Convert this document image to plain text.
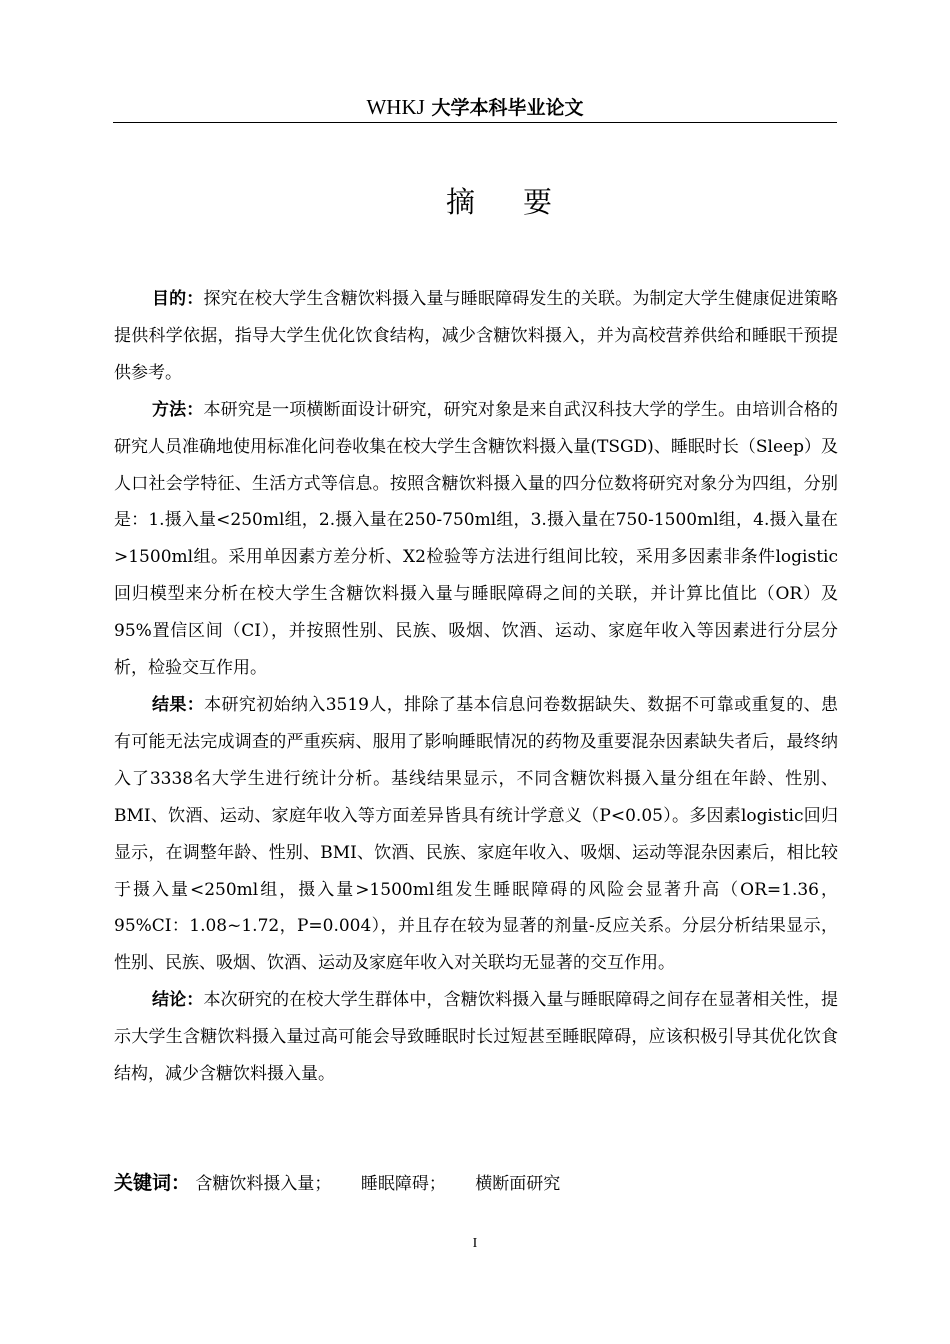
WHKJ 大学本科毕业论文
摘要

目的：探究在校大学生含糖饮料摄入量与睡眠障碍发生的关联。为制定大学生健康促进策略提供科学依据，指导大学生优化饮食结构，减少含糖饮料摄入，并为高校营养供给和睡眠干预提供参考。

方法：本研究是一项横断面设计研究，研究对象是来自武汉科技大学的学生。由培训合格的研究人员准确地使用标准化问卷收集在校大学生含糖饮料摄入量(TSGD)、睡眠时长（Sleep）及人口社会学特征、生活方式等信息。按照含糖饮料摄入量的四分位数将研究对象分为四组，分别是：1.摄入量<250ml组，2.摄入量在250-750ml组，3.摄入量在750-1500ml组，4.摄入量在>1500ml组。采用单因素方差分析、X2检验等方法进行组间比较，采用多因素非条件logistic回归模型来分析在校大学生含糖饮料摄入量与睡眠障碍之间的关联，并计算比值比（OR）及95%置信区间（CI），并按照性别、民族、吸烟、饮酒、运动、家庭年收入等因素进行分层分析，检验交互作用。

结果：本研究初始纳入3519人，排除了基本信息问卷数据缺失、数据不可靠或重复的、患有可能无法完成调查的严重疾病、服用了影响睡眠情况的药物及重要混杂因素缺失者后，最终纳入了3338名大学生进行统计分析。基线结果显示，不同含糖饮料摄入量分组在年龄、性别、BMI、饮酒、运动、家庭年收入等方面差异皆具有统计学意义（P<0.05）。多因素logistic回归显示，在调整年龄、性别、BMI、饮酒、民族、家庭年收入、吸烟、运动等混杂因素后，相比较于摄入量<250ml组，摄入量>1500ml组发生睡眠障碍的风险会显著升高（OR=1.36，95%CI：1.08~1.72，P=0.004），并且存在较为显著的剂量-反应关系。分层分析结果显示，性别、民族、吸烟、饮酒、运动及家庭年收入对关联均无显著的交互作用。

结论：本次研究的在校大学生群体中，含糖饮料摄入量与睡眠障碍之间存在显著相关性，提示大学生含糖饮料摄入量过高可能会导致睡眠时长过短甚至睡眠障碍，应该积极引导其优化饮食结构，减少含糖饮料摄入量。

关键词： 含糖饮料摄入量； 睡眠障碍； 横断面研究
I
